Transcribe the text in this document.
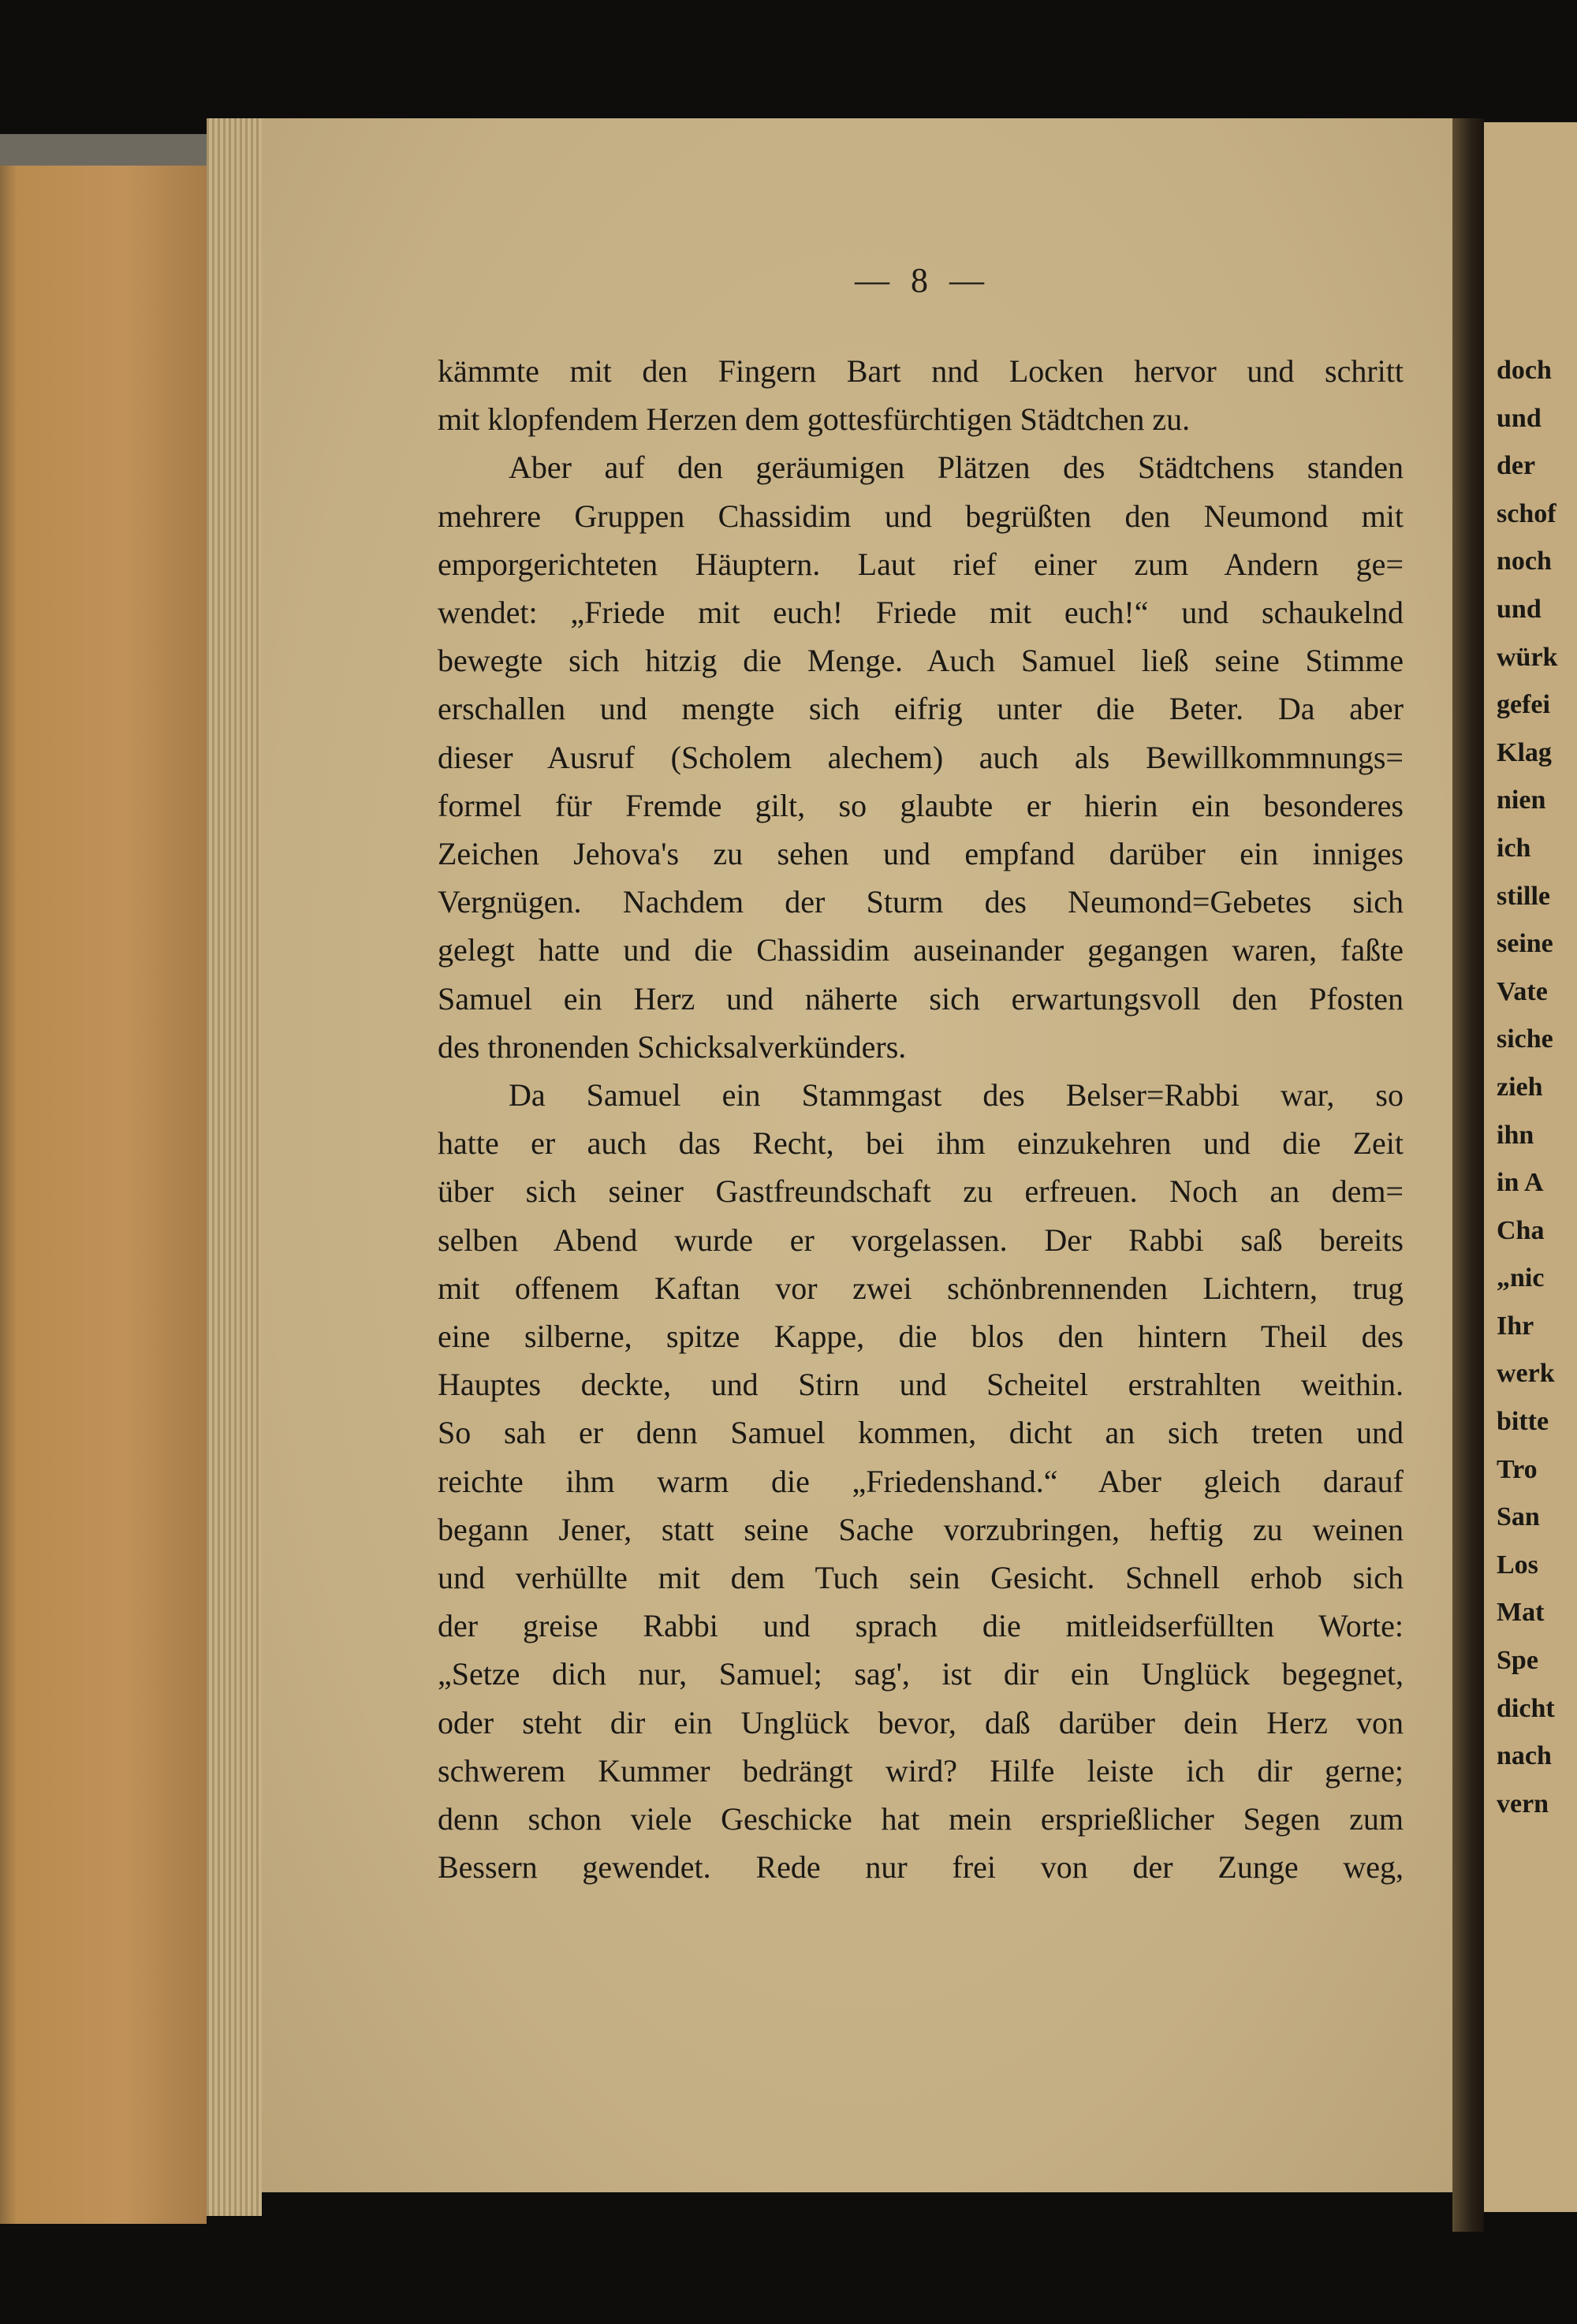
— 8 —
kämmte mit den Fingern Bart nnd Locken hervor und schritt
mit klopfendem Herzen dem gottesfürchtigen Städtchen zu.
Aber auf den geräumigen Plätzen des Städtchens standen
mehrere Gruppen Chassidim und begrüßten den Neumond mit
emporgerichteten Häuptern. Laut rief einer zum Andern ge=
wendet: „Friede mit euch! Friede mit euch!“ und schaukelnd
bewegte sich hitzig die Menge. Auch Samuel ließ seine Stimme
erschallen und mengte sich eifrig unter die Beter. Da aber
dieser Ausruf (Scholem alechem) auch als Bewillkommnungs=
formel für Fremde gilt, so glaubte er hierin ein besonderes
Zeichen Jehova's zu sehen und empfand darüber ein inniges
Vergnügen. Nachdem der Sturm des Neumond=Gebetes sich
gelegt hatte und die Chassidim auseinander gegangen waren, faßte
Samuel ein Herz und näherte sich erwartungsvoll den Pfosten
des thronenden Schicksalverkünders.
Da Samuel ein Stammgast des Belser=Rabbi war, so
hatte er auch das Recht, bei ihm einzukehren und die Zeit
über sich seiner Gastfreundschaft zu erfreuen. Noch an dem=
selben Abend wurde er vorgelassen. Der Rabbi saß bereits
mit offenem Kaftan vor zwei schönbrennenden Lichtern, trug
eine silberne, spitze Kappe, die blos den hintern Theil des
Hauptes deckte, und Stirn und Scheitel erstrahlten weithin.
So sah er denn Samuel kommen, dicht an sich treten und
reichte ihm warm die „Friedenshand.“ Aber gleich darauf
begann Jener, statt seine Sache vorzubringen, heftig zu weinen
und verhüllte mit dem Tuch sein Gesicht. Schnell erhob sich
der greise Rabbi und sprach die mitleidserfüllten Worte:
„Setze dich nur, Samuel; sag', ist dir ein Unglück begegnet,
oder steht dir ein Unglück bevor, daß darüber dein Herz von
schwerem Kummer bedrängt wird? Hilfe leiste ich dir gerne;
denn schon viele Geschicke hat mein ersprießlicher Segen zum
Bessern gewendet. Rede nur frei von der Zunge weg,
doch
und
der
schof
noch
und
würk
gefei
Klag
nien
ich
stille
seine
Vate
siche
zieh
ihn
in A
Cha
„nic
Ihr
werk
bitte
Tro
San
Los
Mat
Spe
dicht
nach
vern
